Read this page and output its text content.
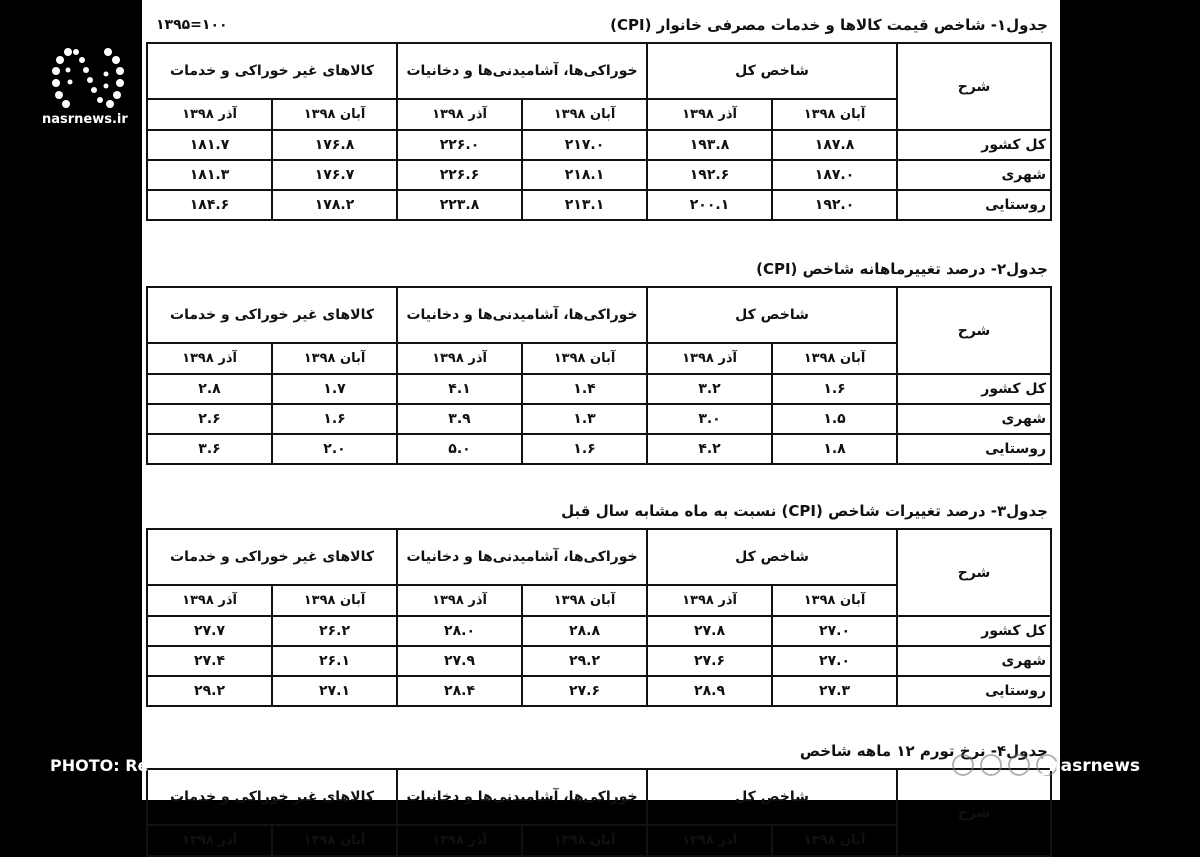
جدول۱- شاخص قیمت کالاها و خدمات مصرفی خانوار (CPI)
۱۳۹۵=۱۰۰
شرح	شاخص کل		خوراکی‌ها، آشامیدنی‌ها و دخانیات		کالاهای غیر خوراکی و خدمات	
	آبان ۱۳۹۸	آذر ۱۳۹۸	آبان ۱۳۹۸	آذر ۱۳۹۸	آبان ۱۳۹۸	آذر ۱۳۹۸
کل کشور	۱۸۷.۸	۱۹۳.۸	۲۱۷.۰	۲۲۶.۰	۱۷۶.۸	۱۸۱.۷
شهری	۱۸۷.۰	۱۹۲.۶	۲۱۸.۱	۲۲۶.۶	۱۷۶.۷	۱۸۱.۳
روستایی	۱۹۲.۰	۲۰۰.۱	۲۱۳.۱	۲۲۳.۸	۱۷۸.۲	۱۸۴.۶
جدول۲- درصد تغییرماهانه شاخص (CPI)
شرح	شاخص کل		خوراکی‌ها، آشامیدنی‌ها و دخانیات		کالاهای غیر خوراکی و خدمات	
	آبان ۱۳۹۸	آذر ۱۳۹۸	آبان ۱۳۹۸	آذر ۱۳۹۸	آبان ۱۳۹۸	آذر ۱۳۹۸
کل کشور	۱.۶	۳.۲	۱.۴	۴.۱	۱.۷	۲.۸
شهری	۱.۵	۳.۰	۱.۳	۳.۹	۱.۶	۲.۶
روستایی	۱.۸	۴.۲	۱.۶	۵.۰	۲.۰	۳.۶
جدول۳- درصد تغییرات شاخص (CPI) نسبت به ماه مشابه سال قبل
شرح	شاخص کل		خوراکی‌ها، آشامیدنی‌ها و دخانیات		کالاهای غیر خوراکی و خدمات	
	آبان ۱۳۹۸	آذر ۱۳۹۸	آبان ۱۳۹۸	آذر ۱۳۹۸	آبان ۱۳۹۸	آذر ۱۳۹۸
کل کشور	۲۷.۰	۲۷.۸	۲۸.۸	۲۸.۰	۲۶.۲	۲۷.۷
شهری	۲۷.۰	۲۷.۶	۲۹.۲	۲۷.۹	۲۶.۱	۲۷.۴
روستایی	۲۷.۳	۲۸.۹	۲۷.۶	۲۸.۴	۲۷.۱	۲۹.۲
جدول۴- نرخ تورم ۱۲ ماهه شاخص
شرح	شاخص کل		خوراکی‌ها، آشامیدنی‌ها و دخانیات		کالاهای غیر خوراکی و خدمات	
	آبان ۱۳۹۸	آذر ۱۳۹۸	آبان ۱۳۹۸	آذر ۱۳۹۸	آبان ۱۳۹۸	آذر ۱۳۹۸
nasrnews.ir
PHOTO: Re	_nasrnews
